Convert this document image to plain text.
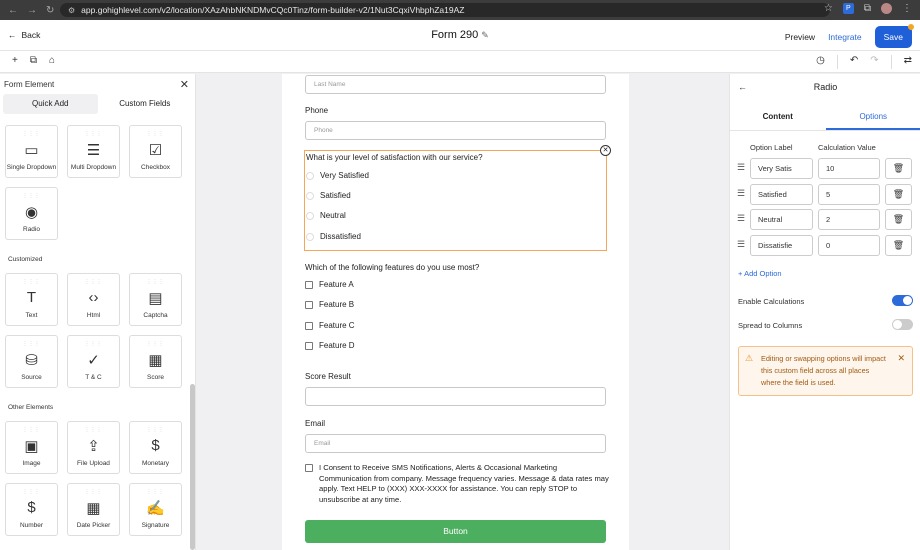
← → ↻ ⚙ app.gohighlevel.com/v2/location/XAzAhbNKNDMvCQc0Tinz/form-builder-v2/1Nut3CqxiVhbphZa19AZ	☆	P	⧉	⋮
← Back	Form 290 ✎	Preview Integrate	Save
+ ⧉ ⌂	◷	↶ ↷	⇄
Form Element	✕
Quick Add	Custom Fields
⋮⋮⋮
▭
Single Dropdown
⋮⋮⋮
☰
Multi Dropdown
⋮⋮⋮
☑
Checkbox
⋮⋮⋮
◉
Radio
Customized
⋮⋮⋮
T
Text
⋮⋮⋮
‹›
Html
⋮⋮⋮
▤
Captcha
⋮⋮⋮
⛁
Source
⋮⋮⋮
✓
T & C
⋮⋮⋮
▦
Score
Other Elements
⋮⋮⋮
▣
Image
⋮⋮⋮
⇪
File Upload
⋮⋮⋮
$
Monetary
⋮⋮⋮
$
Number
⋮⋮⋮
▦
Date Picker
⋮⋮⋮
✍
Signature
Last Name
Phone
Phone
✕
What is your level of satisfaction with our service?
Very Satisfied
Satisfied
Neutral
Dissatisfied
Which of the following features do you use most?
Feature A
Feature B
Feature C
Feature D
Score Result
Email
Email
I Consent to Receive SMS Notifications, Alerts & Occasional Marketing Communication from company. Message frequency varies. Message & data rates may apply. Text HELP to (XXX) XXX-XXXX for assistance. You can reply STOP to unsubscribe at any time.
Button
←	Radio
Content	Options
Option Label	Calculation Value
☰	Very Satis	10	🗑
☰	Satisfied	5	🗑
☰	Neutral	2	🗑
☰	Dissatisfie	0	🗑
+ Add Option
Enable Calculations
Spread to Columns
⚠ Editing or swapping options will impact this custom field across all places where the field is used.
✕
